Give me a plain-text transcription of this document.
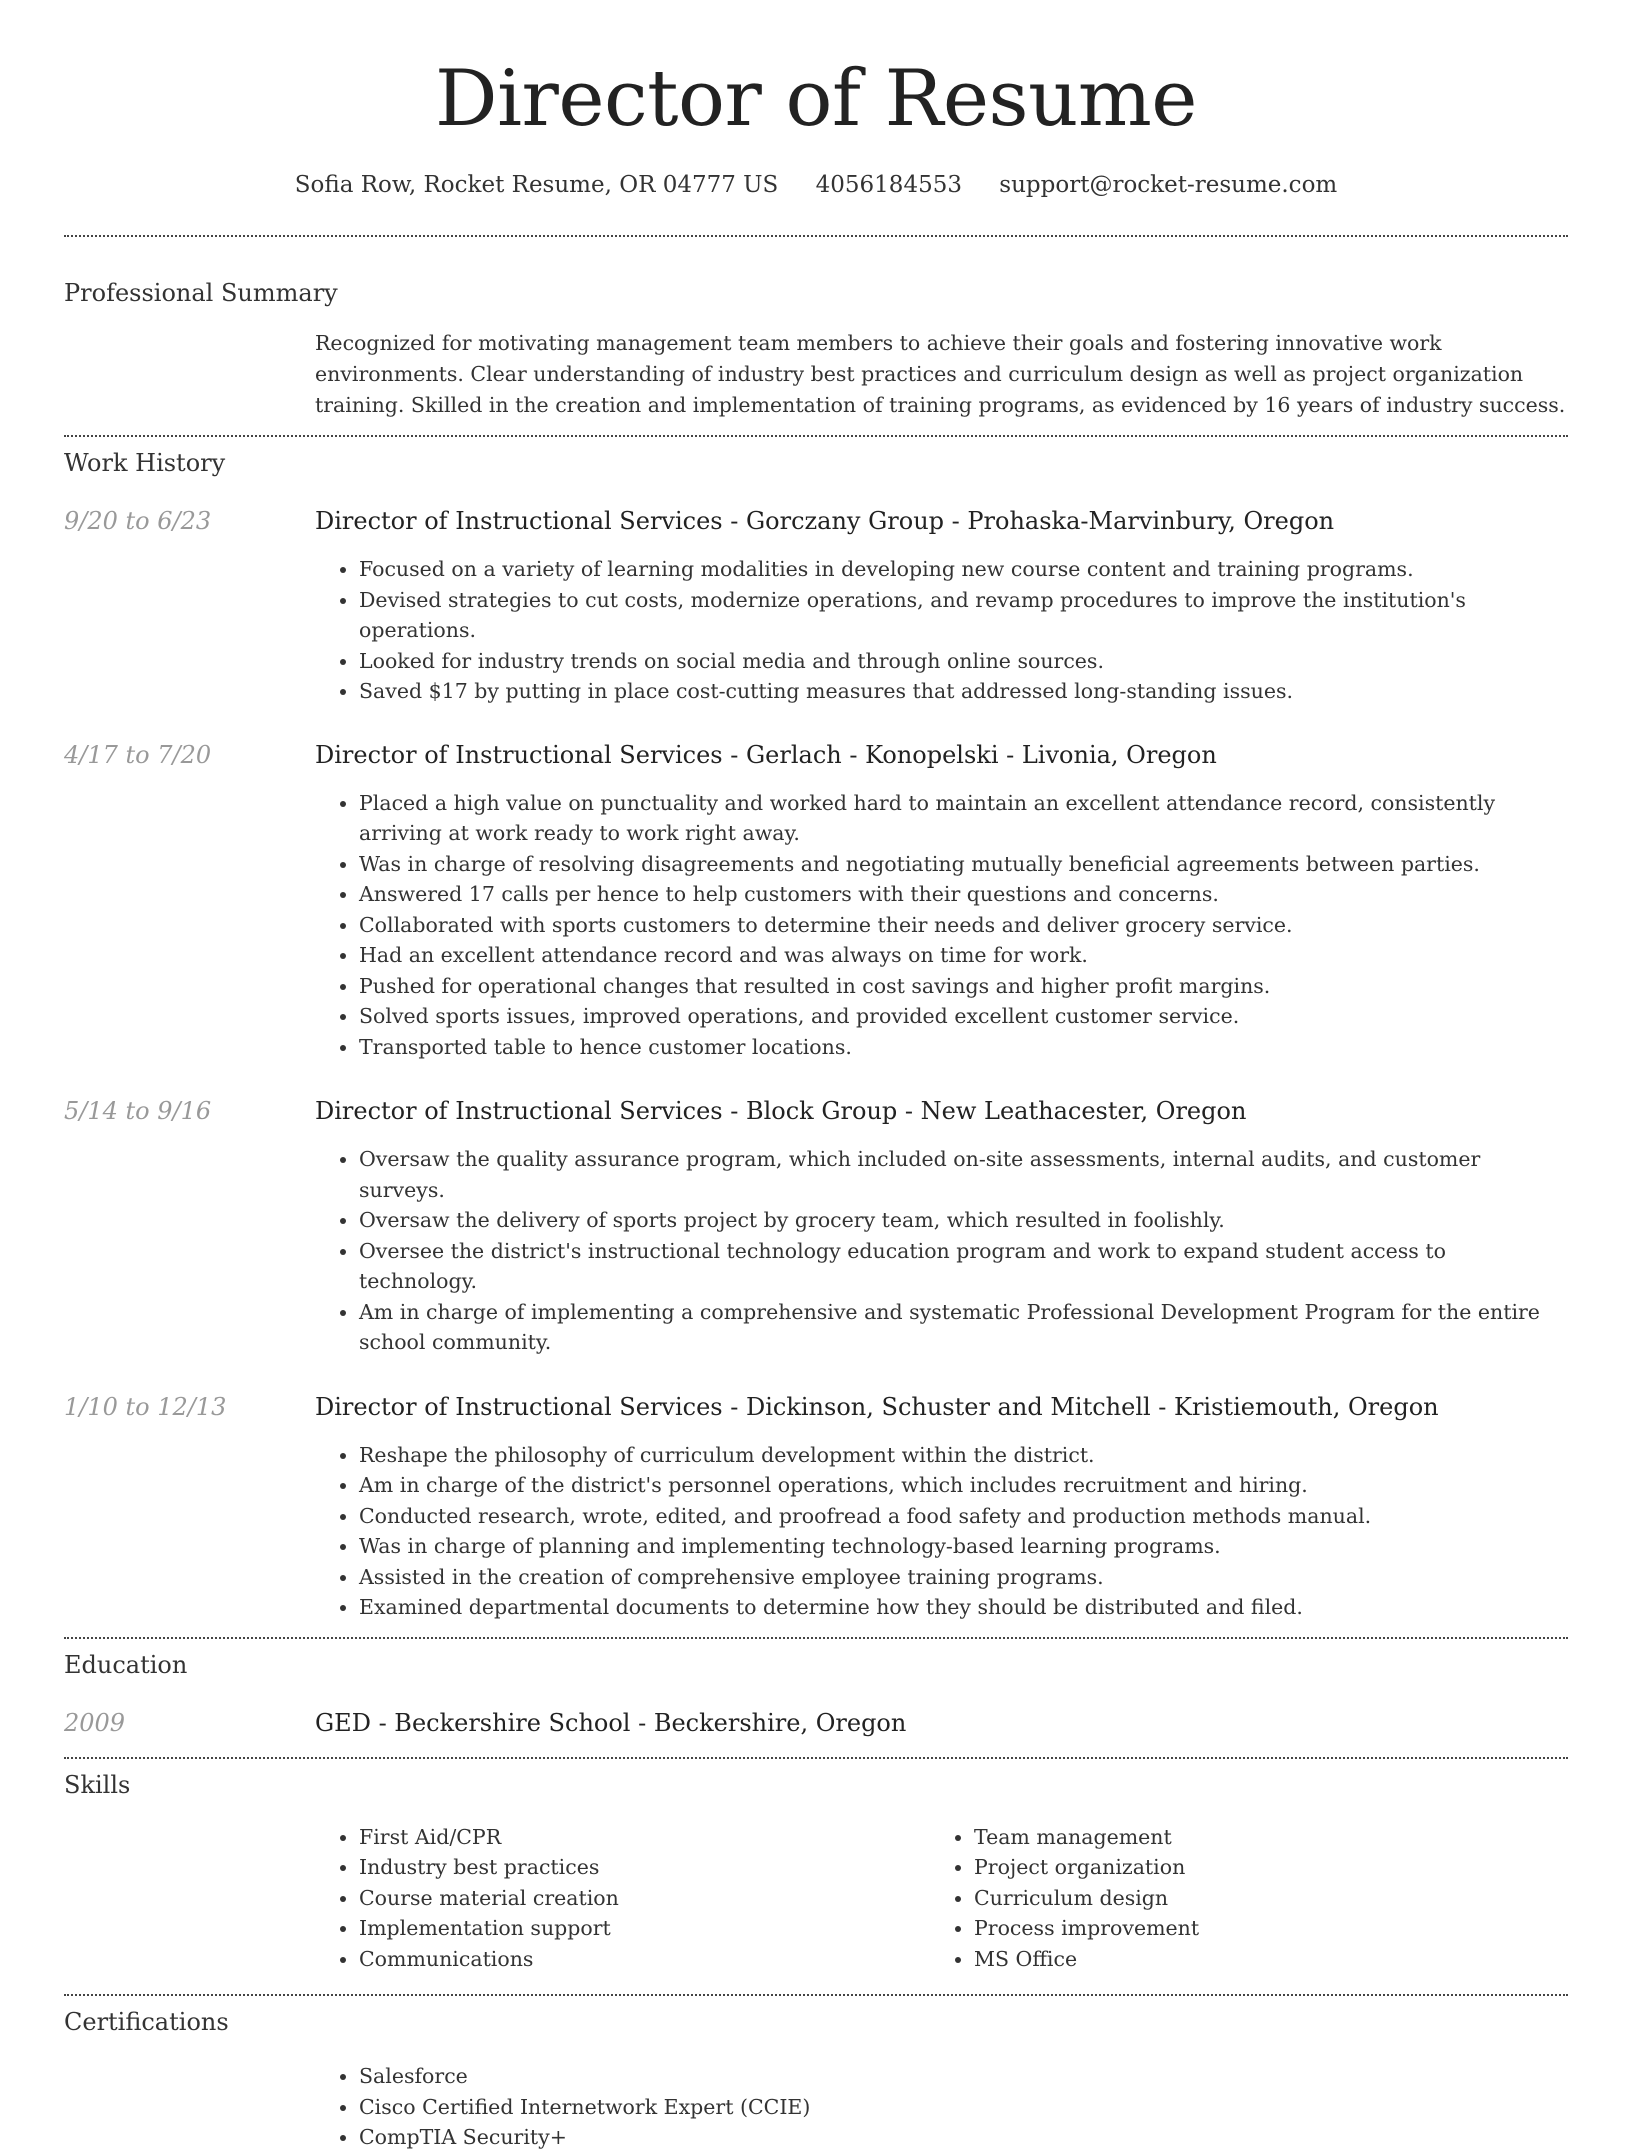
Director of Resume
Sofia Row, Rocket Resume, OR 04777 US 4056184553 support@rocket-resume.com
Professional Summary

Recognized for motivating management team members to achieve their goals and fostering innovative work environments. Clear understanding of industry best practices and curriculum design as well as project organization training. Skilled in the creation and implementation of training programs, as evidenced by 16 years of industry success.

Work History
9/20 to 6/23	Director of Instructional Services - Gorczany Group - Prohaska-Marvinbury, Oregon
• Focused on a variety of learning modalities in developing new course content and training programs.
• Devised strategies to cut costs, modernize operations, and revamp procedures to improve the institution's operations.
• Looked for industry trends on social media and through online sources.
• Saved $17 by putting in place cost-cutting measures that addressed long-standing issues.
4/17 to 7/20	Director of Instructional Services - Gerlach - Konopelski - Livonia, Oregon
• Placed a high value on punctuality and worked hard to maintain an excellent attendance record, consistently arriving at work ready to work right away.
• Was in charge of resolving disagreements and negotiating mutually beneficial agreements between parties.
• Answered 17 calls per hence to help customers with their questions and concerns.
• Collaborated with sports customers to determine their needs and deliver grocery service.
• Had an excellent attendance record and was always on time for work.
• Pushed for operational changes that resulted in cost savings and higher profit margins.
• Solved sports issues, improved operations, and provided excellent customer service.
• Transported table to hence customer locations.
5/14 to 9/16	Director of Instructional Services - Block Group - New Leathacester, Oregon
• Oversaw the quality assurance program, which included on-site assessments, internal audits, and customer surveys.
• Oversaw the delivery of sports project by grocery team, which resulted in foolishly.
• Oversee the district's instructional technology education program and work to expand student access to technology.
• Am in charge of implementing a comprehensive and systematic Professional Development Program for the entire school community.
1/10 to 12/13	Director of Instructional Services - Dickinson, Schuster and Mitchell - Kristiemouth, Oregon
• Reshape the philosophy of curriculum development within the district.
• Am in charge of the district's personnel operations, which includes recruitment and hiring.
• Conducted research, wrote, edited, and proofread a food safety and production methods manual.
• Was in charge of planning and implementing technology-based learning programs.
• Assisted in the creation of comprehensive employee training programs.
• Examined departmental documents to determine how they should be distributed and filed.
Education
2009	GED - Beckershire School - Beckershire, Oregon
Skills
• First Aid/CPR
• Industry best practices
• Course material creation
• Implementation support
• Communications
• Team management
• Project organization
• Curriculum design
• Process improvement
• MS Office
Certifications
• Salesforce
• Cisco Certified Internetwork Expert (CCIE)
• CompTIA Security+
